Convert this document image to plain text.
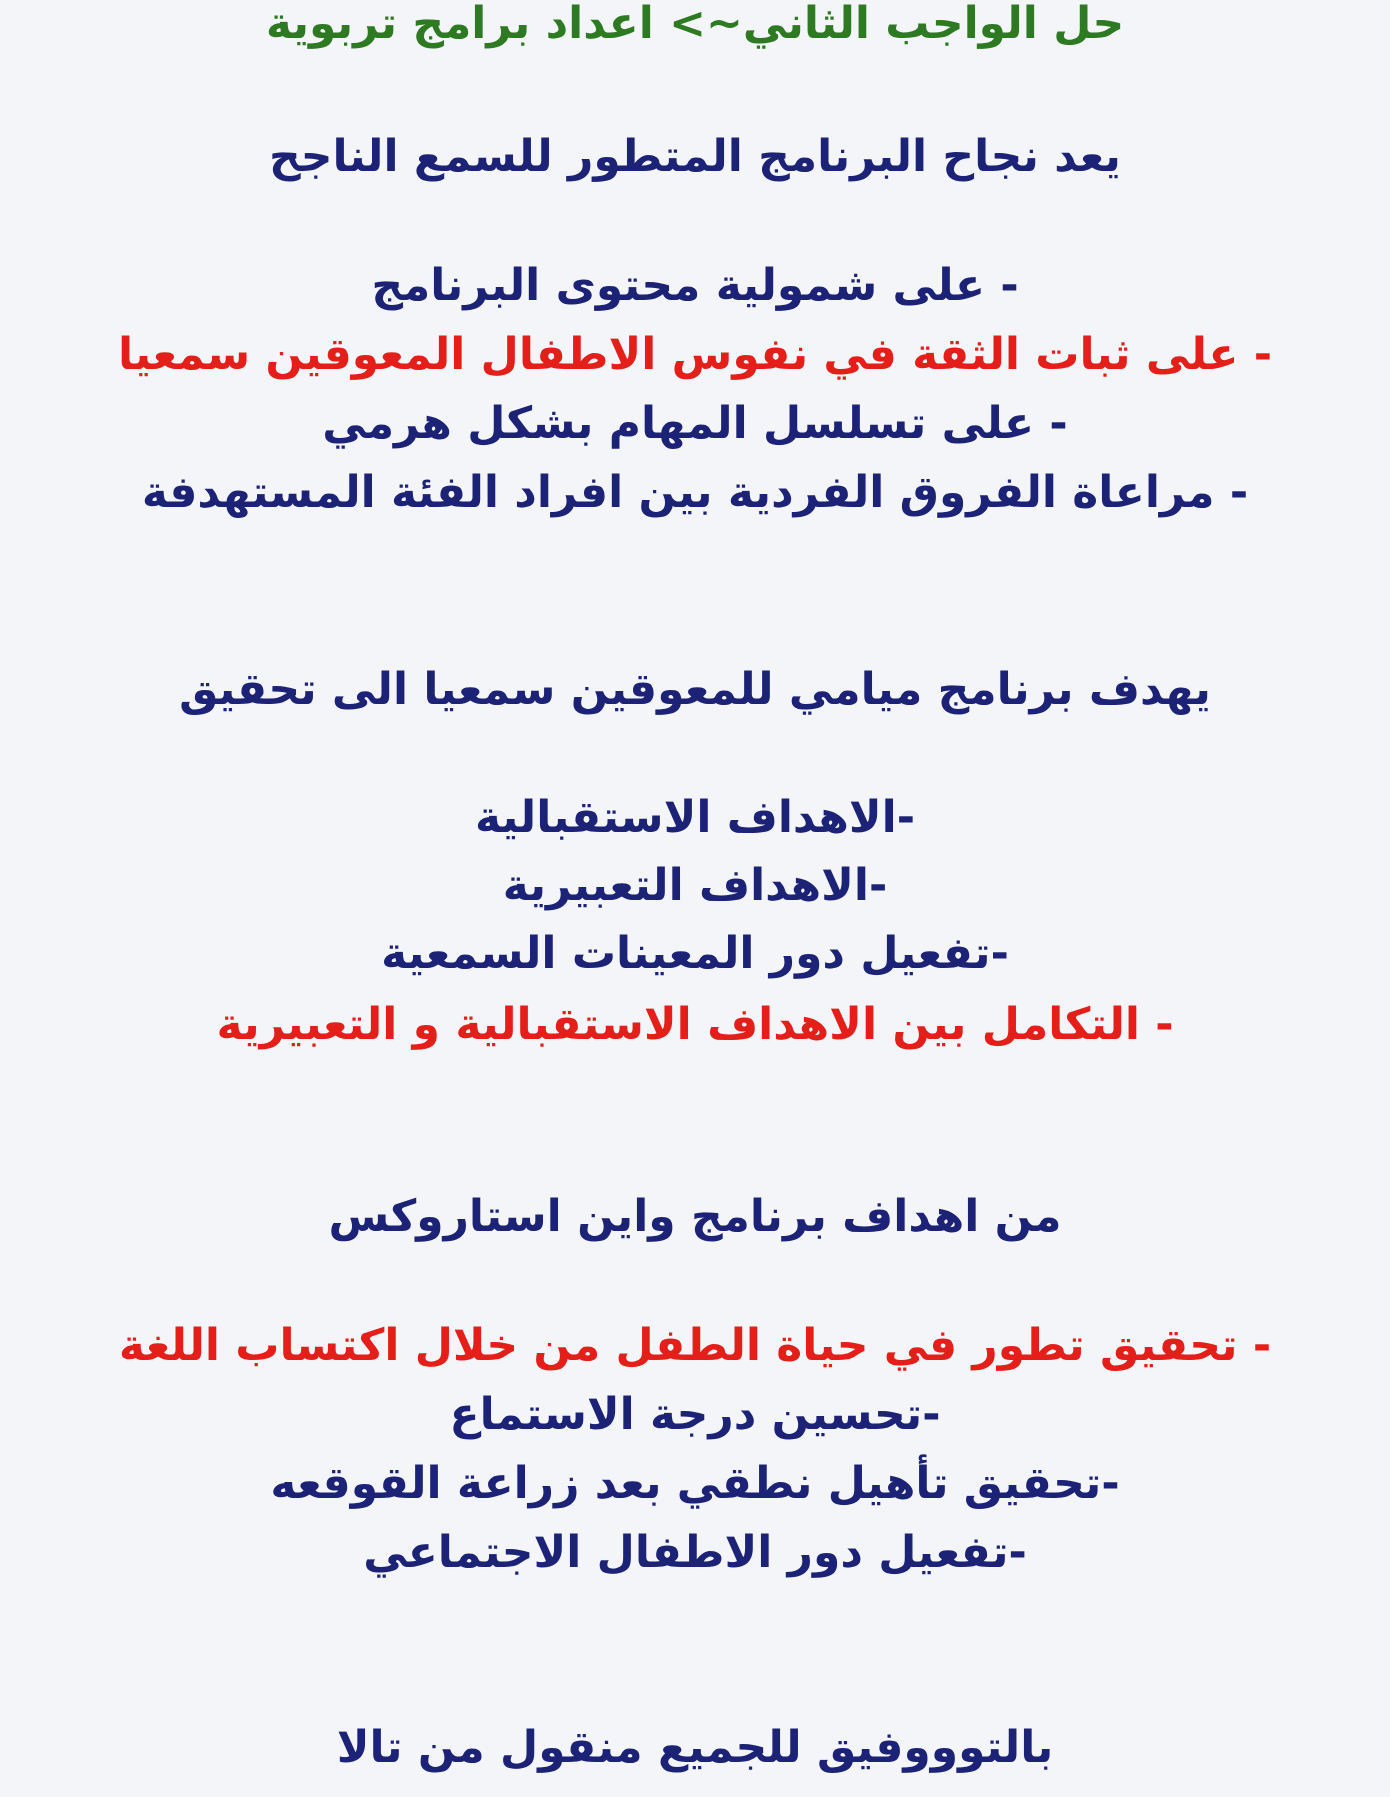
حل الواجب الثاني~> اعداد برامج تربوية
يعد نجاح البرنامج المتطور للسمع الناجح
- على شمولية محتوى البرنامج
- على ثبات الثقة في نفوس الاطفال المعوقين سمعيا
- على تسلسل المهام بشكل هرمي
- مراعاة الفروق الفردية بين افراد الفئة المستهدفة
يهدف برنامج ميامي للمعوقين سمعيا الى تحقيق
-الاهداف الاستقبالية
-الاهداف التعبيرية
-تفعيل دور المعينات السمعية
- التكامل بين الاهداف الاستقبالية و التعبيرية
من اهداف برنامج واين استاروكس
- تحقيق تطور في حياة الطفل من خلال اكتساب اللغة
-تحسين درجة الاستماع
-تحقيق تأهيل نطقي بعد زراعة القوقعه
-تفعيل دور الاطفال الاجتماعي
بالتوووفيق للجميع منقول من تالا
